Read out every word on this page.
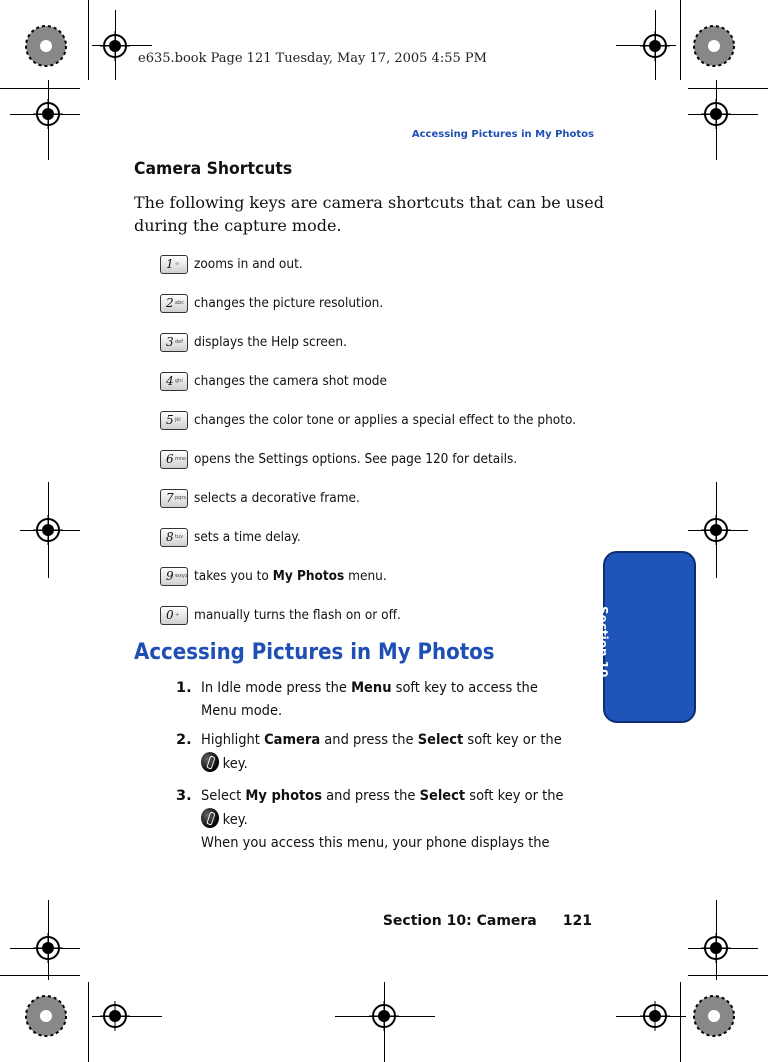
e635.book Page 121 Tuesday, May 17, 2005 4:55 PM
Accessing Pictures in My Photos
Camera Shortcuts
The following keys are camera shortcuts that can be used during the capture mode.
1 ∞ zooms in and out.
2 abc changes the picture resolution.
3 def displays the Help screen.
4 ghi changes the camera shot mode
5 jkl changes the color tone or applies a special effect to the photo.
6 mno opens the Settings options. See page 120 for details.
7 pqrs selects a decorative frame.
8 tuv sets a time delay.
9 wxyz takes you to My Photos menu.
0 + manually turns the flash on or off.
Accessing Pictures in My Photos
1. In Idle mode press the Menu soft key to access the
Menu mode.
2. Highlight Camera and press the Select soft key or the
key.
3. Select My photos and press the Select soft key or the
key.
When you access this menu, your phone displays the
Section 10
Section 10: Camera 121
